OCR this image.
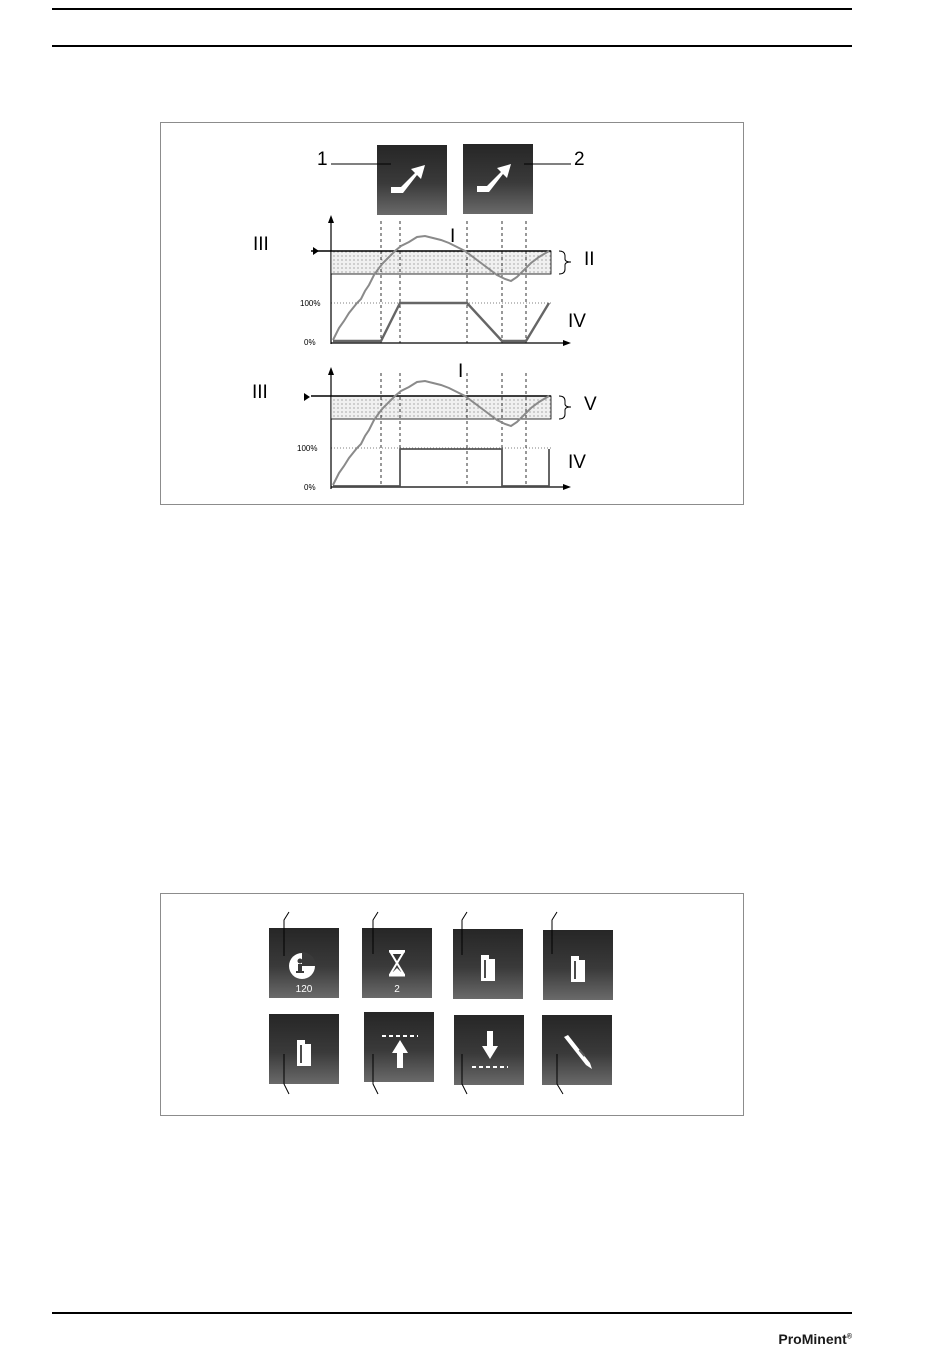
1	2
100%
0%
III	I
II
IV
100%
0%
III
I
V
IV
120	2
ProMinent®
